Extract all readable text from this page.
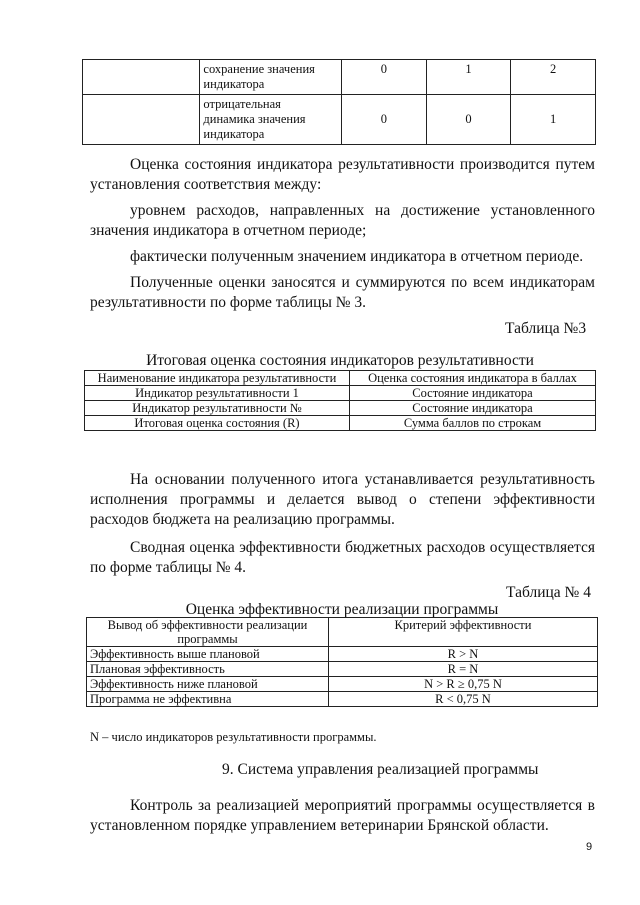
	сохранение значения
индикатора	0	1	2

	отрицательная
динамика значения
индикатора	0	0	1
Оценка состояния индикатора результативности производится путем установления соответствия между:
уровнем расходов, направленных на достижение установленного значения индикатора в отчетном периоде;
фактически полученным значением индикатора в отчетном периоде.
Полученные оценки заносятся и суммируются по всем индикаторам результативности по форме таблицы № 3.
Таблица №3
Итоговая оценка состояния индикаторов результативности
Наименование индикатора результативности	Оценка состояния индикатора в баллах
Индикатор результативности 1	Состояние индикатора
Индикатор результативности №	Состояние индикатора
Итоговая оценка состояния (R)	Сумма баллов по строкам
На основании полученного итога устанавливается результативность исполнения программы и делается вывод о степени эффективности расходов бюджета на реализацию программы.
Сводная оценка эффективности бюджетных расходов осуществляется по форме таблицы № 4.
Таблица № 4
Оценка эффективности реализации программы
Вывод об эффективности реализации программы	Критерий эффективности
Эффективность выше плановой	R > N
Плановая эффективность	R = N
Эффективность ниже плановой	N > R ≥ 0,75 N
Программа не эффективна	R < 0,75 N
N – число индикаторов результативности программы.
9. Система управления реализацией программы
Контроль за реализацией мероприятий программы осуществляется в установленном порядке управлением ветеринарии Брянской области.
9
